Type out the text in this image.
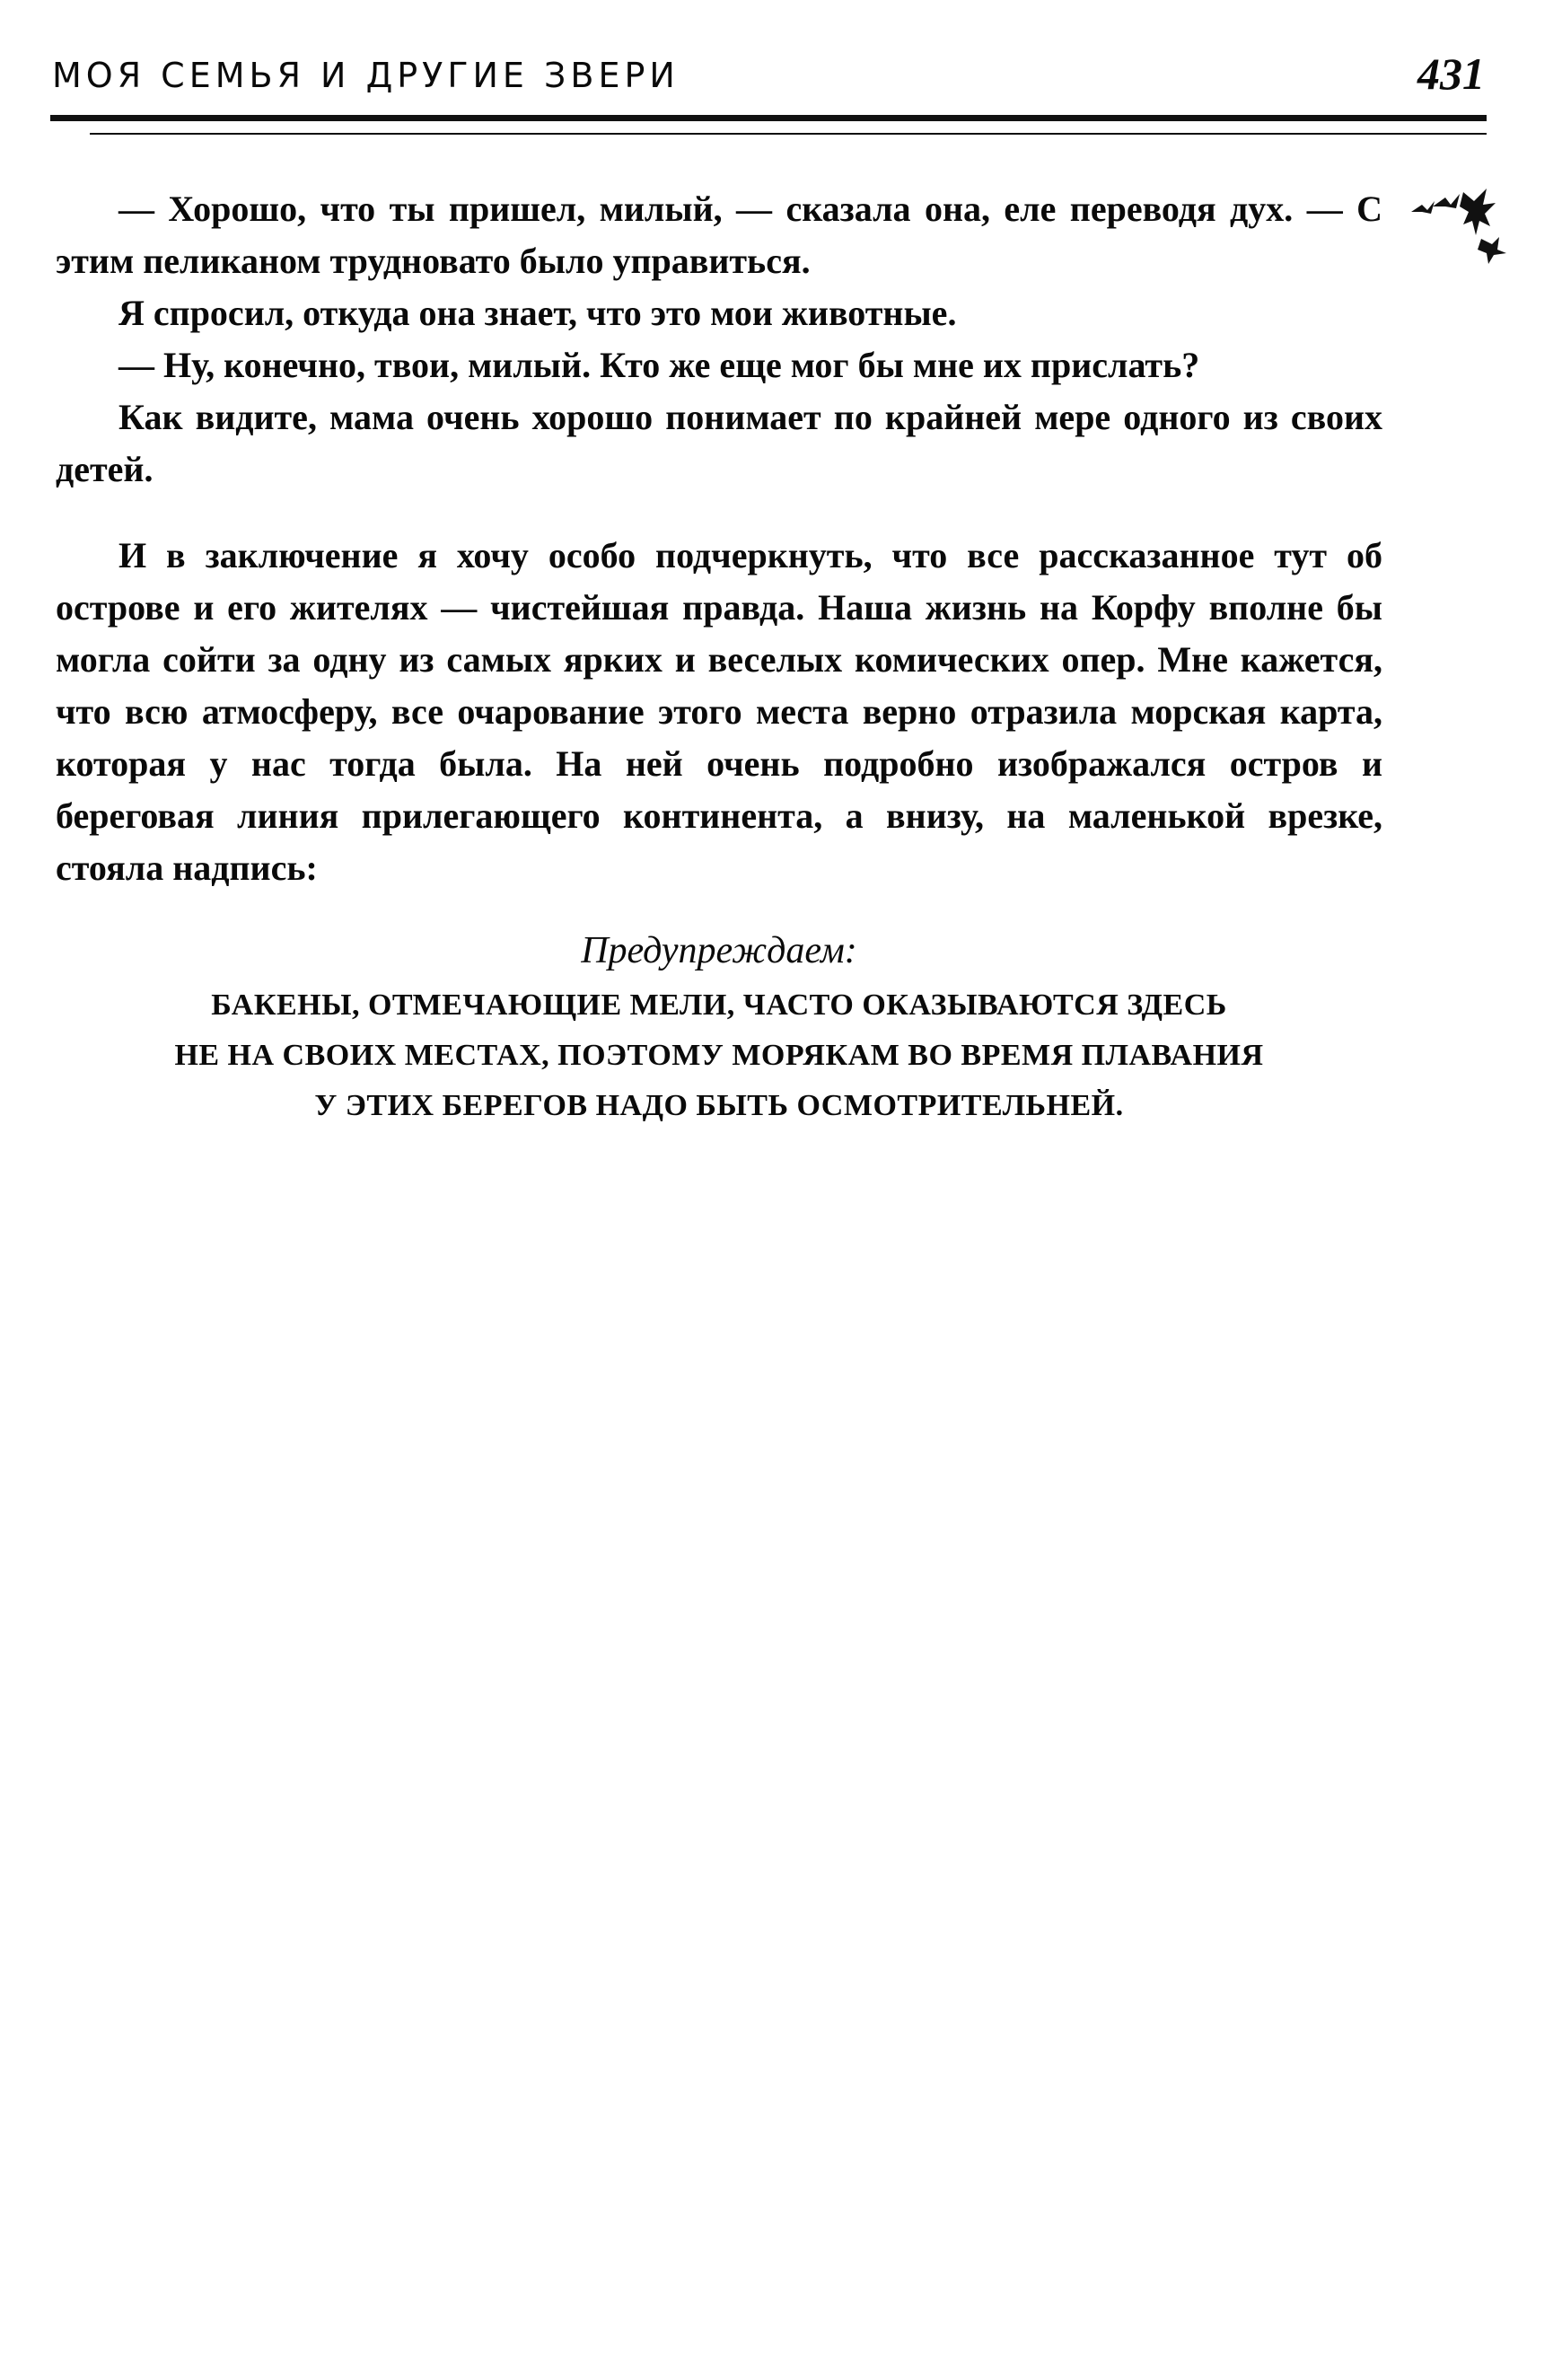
МОЯ СЕМЬЯ И ДРУГИЕ ЗВЕРИ	431

— Хорошо, что ты пришел, милый, — сказала она, еле переводя дух. — С этим пеликаном трудновато было управиться.

Я спросил, откуда она знает, что это мои животные.

— Ну, конечно, твои, милый. Кто же еще мог бы мне их прислать?

Как видите, мама очень хорошо понимает по крайней мере одного из своих детей.

И в заключение я хочу особо подчеркнуть, что все рассказанное тут об острове и его жителях — чистейшая правда. Наша жизнь на Корфу вполне бы могла сойти за одну из самых ярких и веселых комических опер. Мне кажется, что всю атмосферу, все очарование этого места верно отразила морская карта, которая у нас тогда была. На ней очень подробно изображался остров и береговая линия прилегающего континента, а внизу, на маленькой врезке, стояла надпись:

Предупреждаем:
БАКЕНЫ, ОТМЕЧАЮЩИЕ МЕЛИ, ЧАСТО ОКАЗЫВАЮТСЯ ЗДЕСЬ
НЕ НА СВОИХ МЕСТАХ, ПОЭТОМУ МОРЯКАМ ВО ВРЕМЯ ПЛАВАНИЯ
У ЭТИХ БЕРЕГОВ НАДО БЫТЬ ОСМОТРИТЕЛЬНЕЙ.
